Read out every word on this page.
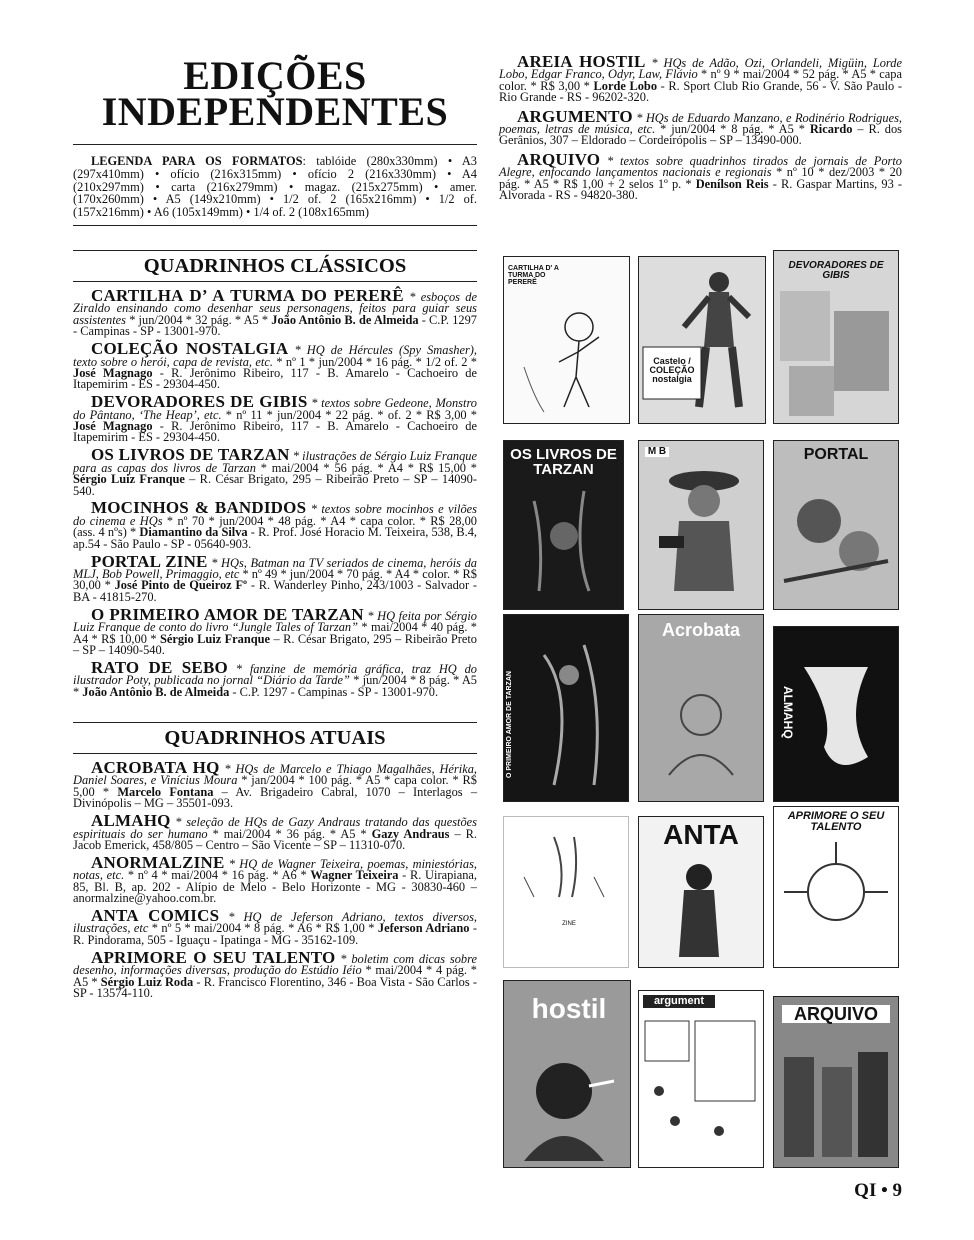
EDIÇÕES
INDEPENDENTES
LEGENDA PARA OS FORMATOS: tablóide (280x330mm) • A3 (297x410mm) • ofício (216x315mm) • ofício 2 (216x330mm) • A4 (210x297mm) • carta (216x279mm) • magaz. (215x275mm) • amer. (170x260mm) • A5 (149x210mm) • 1/2 of. 2 (165x216mm) • 1/2 of. (157x216mm) • A6 (105x149mm) • 1/4 of. 2 (108x165mm)
QUADRINHOS CLÁSSICOS

CARTILHA D’ A TURMA DO PERERÊ * esboços de Ziraldo ensinando como desenhar seus personagens, feitos para guiar seus assistentes * jun/2004 * 32 pág. * A5 * João Antônio B. de Almeida - C.P. 1297 - Campinas - SP - 13001-970.

COLEÇÃO NOSTALGIA * HQ de Hércules (Spy Smasher), texto sobre o herói, capa de revista, etc. * nº 1 * jun/2004 * 16 pág. * 1/2 of. 2 * José Magnago - R. Jerônimo Ribeiro, 117 - B. Amarelo - Cachoeiro de Itapemirim - ES - 29304-450.

DEVORADORES DE GIBIS * textos sobre Gedeone, Monstro do Pântano, ‘The Heap’, etc. * nº 11 * jun/2004 * 22 pág. * of. 2 * R$ 3,00 * José Magnago - R. Jerônimo Ribeiro, 117 - B. Amarelo - Cachoeiro de Itapemirim - ES - 29304-450.

OS LIVROS DE TARZAN * ilustrações de Sérgio Luiz Franque para as capas dos livros de Tarzan * mai/2004 * 56 pág. * A4 * R$ 15,00 * Sérgio Luiz Franque – R. César Brigato, 295 – Ribeirão Preto – SP – 14090-540.

MOCINHOS & BANDIDOS * textos sobre mocinhos e vilões do cinema e HQs * nº 70 * jun/2004 * 48 pág. * A4 * capa color. * R$ 28,00 (ass. 4 nºs) * Diamantino da Silva - R. Prof. José Horacio M. Teixeira, 538, B.4, ap.54 - São Paulo - SP - 05640-903.

PORTAL ZINE * HQs, Batman na TV seriados de cinema, heróis da MLJ, Bob Powell, Primaggio, etc * nº 49 * jun/2004 * 70 pág. * A4 * color. * R$ 30,00 * José Pinto de Queiroz Fº - R. Wanderley Pinho, 243/1003 - Salvador - BA - 41815-270.

O PRIMEIRO AMOR DE TARZAN * HQ feita por Sérgio Luiz Franque de conto do livro “Jungle Tales of Tarzan” * mai/2004 * 40 pág. * A4 * R$ 10,00 * Sérgio Luiz Franque – R. César Brigato, 295 – Ribeirão Preto – SP – 14090-540.

RATO DE SEBO * fanzine de memória gráfica, traz HQ do ilustrador Poty, publicada no jornal “Diário da Tarde” * jun/2004 * 8 pág. * A5 * João Antônio B. de Almeida - C.P. 1297 - Campinas - SP - 13001-970.

QUADRINHOS ATUAIS

ACROBATA HQ * HQs de Marcelo e Thiago Magalhães, Hérika, Daniel Soares, e Vinícius Moura * jan/2004 * 100 pág. * A5 * capa color. * R$ 5,00 * Marcelo Fontana – Av. Brigadeiro Cabral, 1070 – Interlagos – Divinópolis – MG – 35501-093.

ALMAHQ * seleção de HQs de Gazy Andraus tratando das questões espirituais do ser humano * mai/2004 * 36 pág. * A5 * Gazy Andraus – R. Jacob Emerick, 458/805 – Centro – São Vicente – SP – 11310-070.

ANORMALZINE * HQ de Wagner Teixeira, poemas, miniestórias, notas, etc. * nº 4 * mai/2004 * 16 pág. * A6 * Wagner Teixeira - R. Uirapiana, 85, Bl. B, ap. 202 - Alípio de Melo - Belo Horizonte - MG - 30830-460 – anormalzine@yahoo.com.br.

ANTA COMICS * HQ de Jeferson Adriano, textos diversos, ilustrações, etc * nº 5 * mai/2004 * 8 pág. * A6 * R$ 1,00 * Jeferson Adriano - R. Pindorama, 505 - Iguaçu - Ipatinga - MG - 35162-109.

APRIMORE O SEU TALENTO * boletim com dicas sobre desenho, informações diversas, produção do Estúdio Iéio * mai/2004 * 4 pág. * A5 * Sérgio Luiz Roda - R. Francisco Florentino, 346 - Boa Vista - São Carlos - SP - 13574-110.

AREIA HOSTIL * HQs de Adão, Ozi, Orlandeli, Migüin, Lorde Lobo, Edgar Franco, Odyr, Law, Flávio * nº 9 * mai/2004 * 52 pág. * A5 * capa color. * R$ 3,00 * Lorde Lobo - R. Sport Club Rio Grande, 56 - V. São Paulo - Rio Grande - RS - 96202-320.

ARGUMENTO * HQs de Eduardo Manzano, e Rodinério Rodrigues, poemas, letras de música, etc. * jun/2004 * 8 pág. * A5 * Ricardo – R. dos Gerânios, 307 – Eldorado – Cordeirópolis – SP – 13490-000.

ARQUIVO * textos sobre quadrinhos tirados de jornais de Porto Alegre, enfocando lançamentos nacionais e regionais * nº 10 * dez/2003 * 20 pág. * A5 * R$ 1,00 + 2 selos 1º p. * Denílson Reis - R. Gaspar Martins, 93 - Alvorada - RS - 94820-380.

CARTILHA D' A TURMA DO PERERÊ
Castelo / COLEÇÃO nostalgia
DEVORADORES DE GIBIS
OS LIVROS DE TARZAN
M B	PORTAL
O PRIMEIRO AMOR DE TARZAN
Acrobata
ALMAHQ
ZINE
ANTA
APRIMORE O SEU TALENTO
hostil	argument
ARQUIVO
QI • 9
